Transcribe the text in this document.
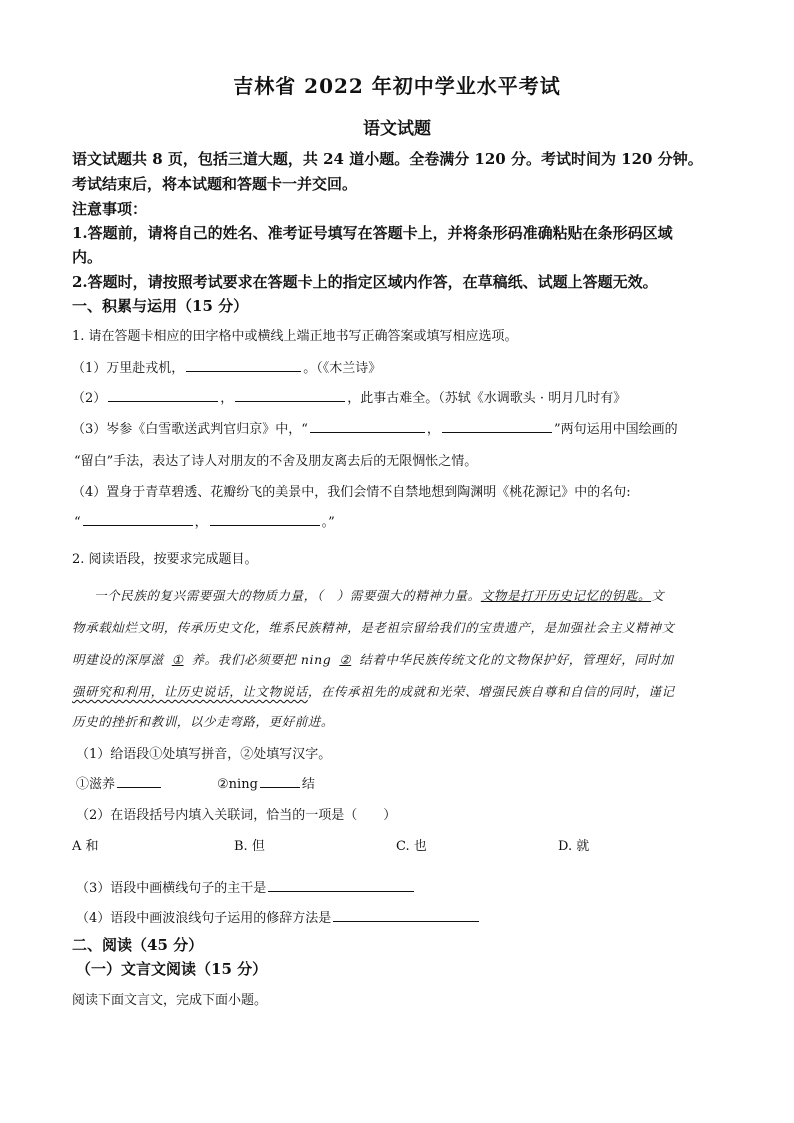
吉林省 2022 年初中学业水平考试
语文试题
语文试题共 8 页，包括三道大题，共 24 道小题。全卷满分 120 分。考试时间为 120 分钟。
考试结束后，将本试题和答题卡一并交回。
注意事项：
1.答题前，请将自己的姓名、准考证号填写在答题卡上，并将条形码准确粘贴在条形码区域
内。
2.答题时，请按照考试要求在答题卡上的指定区域内作答，在草稿纸、试题上答题无效。
一、积累与运用（15 分）
1. 请在答题卡相应的田字格中或横线上端正地书写正确答案或填写相应选项。
（1）万里赴戎机，	。（《木兰诗》
（2）	，	，此事古难全。（苏轼《水调歌头 · 明月几时有》
（3）岑参《白雪歌送武判官归京》中，“	，	”两句运用中国绘画的
“留白”手法，表达了诗人对朋友的不舍及朋友离去后的无限惆怅之情。
（4）置身于青草碧透、花瓣纷飞的美景中，我们会情不自禁地想到陶渊明《桃花源记》中的名句:
“	，	。”
2. 阅读语段，按要求完成题目。
一个民族的复兴需要强大的物质力量，（　）需要强大的精神力量。文物是打开历史记忆的钥匙。文
物承载灿烂文明，传承历史文化，维系民族精神，是老祖宗留给我们的宝贵遗产，是加强社会主义精神文
明建设的深厚滋 ① 养。我们必须要把 ning ② 结着中华民族传统文化的文物保护好，管理好，同时加
强研究和利用，让历史说话，让文物说话，在传承祖先的成就和光荣、增强民族自尊和自信的同时，谨记
历史的挫折和教训，以少走弯路，更好前进。
（1）给语段①处填写拼音，②处填写汉字。
①滋养	②ning	结
（2）在语段括号内填入关联词，恰当的一项是（　　）
A 和	B. 但	C. 也	D. 就
（3）语段中画横线句子的主干是
（4）语段中画波浪线句子运用的修辞方法是
二、阅读（45 分）
（一）文言文阅读（15 分）
阅读下面文言文，完成下面小题。
